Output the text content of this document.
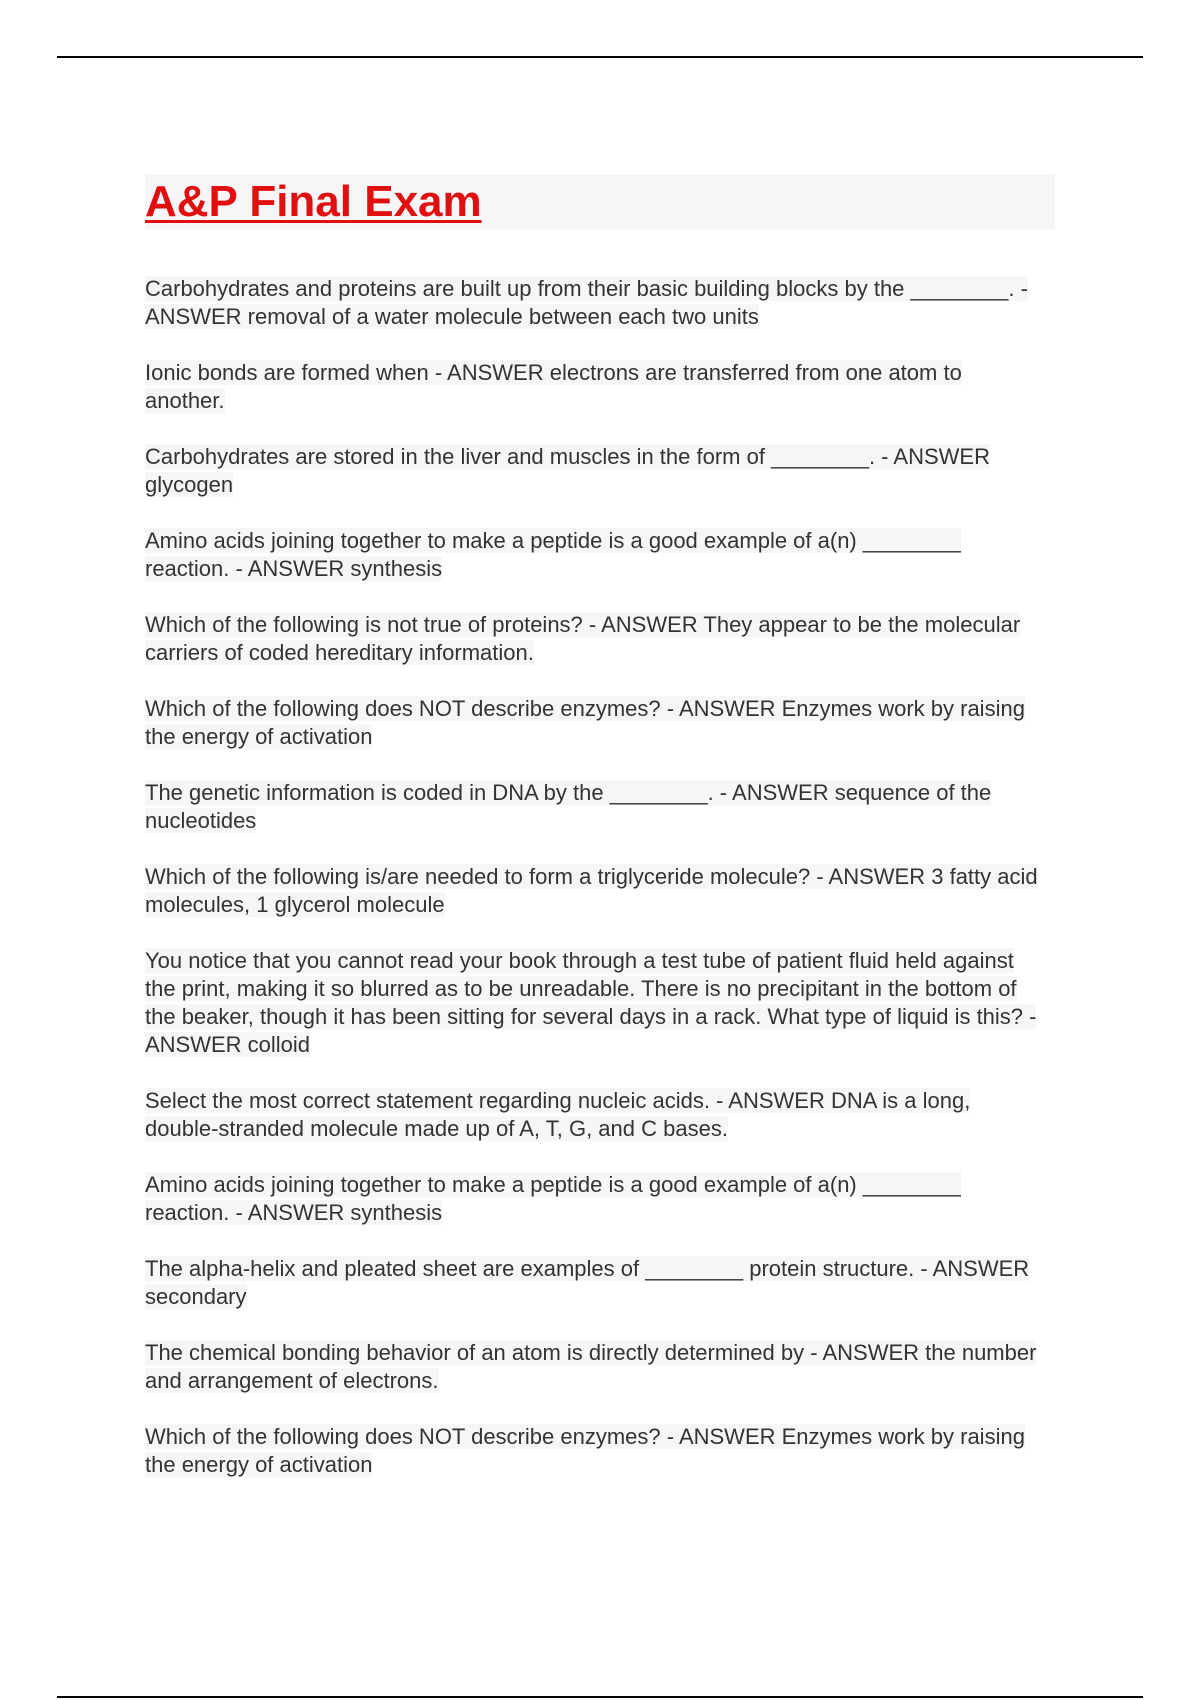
A&P Final Exam
Carbohydrates and proteins are built up from their basic building blocks by the ________. - ANSWER removal of a water molecule between each two units
Ionic bonds are formed when - ANSWER electrons are transferred from one atom to another.
Carbohydrates are stored in the liver and muscles in the form of ________. - ANSWER glycogen
Amino acids joining together to make a peptide is a good example of a(n) ________ reaction. - ANSWER synthesis
Which of the following is not true of proteins? - ANSWER They appear to be the molecular carriers of coded hereditary information.
Which of the following does NOT describe enzymes? - ANSWER Enzymes work by raising the energy of activation
The genetic information is coded in DNA by the ________. - ANSWER sequence of the nucleotides
Which of the following is/are needed to form a triglyceride molecule? - ANSWER 3 fatty acid molecules, 1 glycerol molecule
You notice that you cannot read your book through a test tube of patient fluid held against the print, making it so blurred as to be unreadable. There is no precipitant in the bottom of the beaker, though it has been sitting for several days in a rack. What type of liquid is this? - ANSWER colloid
Select the most correct statement regarding nucleic acids. - ANSWER DNA is a long, double-stranded molecule made up of A, T, G, and C bases.
Amino acids joining together to make a peptide is a good example of a(n) ________ reaction. - ANSWER synthesis
The alpha-helix and pleated sheet are examples of ________ protein structure. - ANSWER secondary
The chemical bonding behavior of an atom is directly determined by - ANSWER the number and arrangement of electrons.
Which of the following does NOT describe enzymes? - ANSWER Enzymes work by raising the energy of activation
